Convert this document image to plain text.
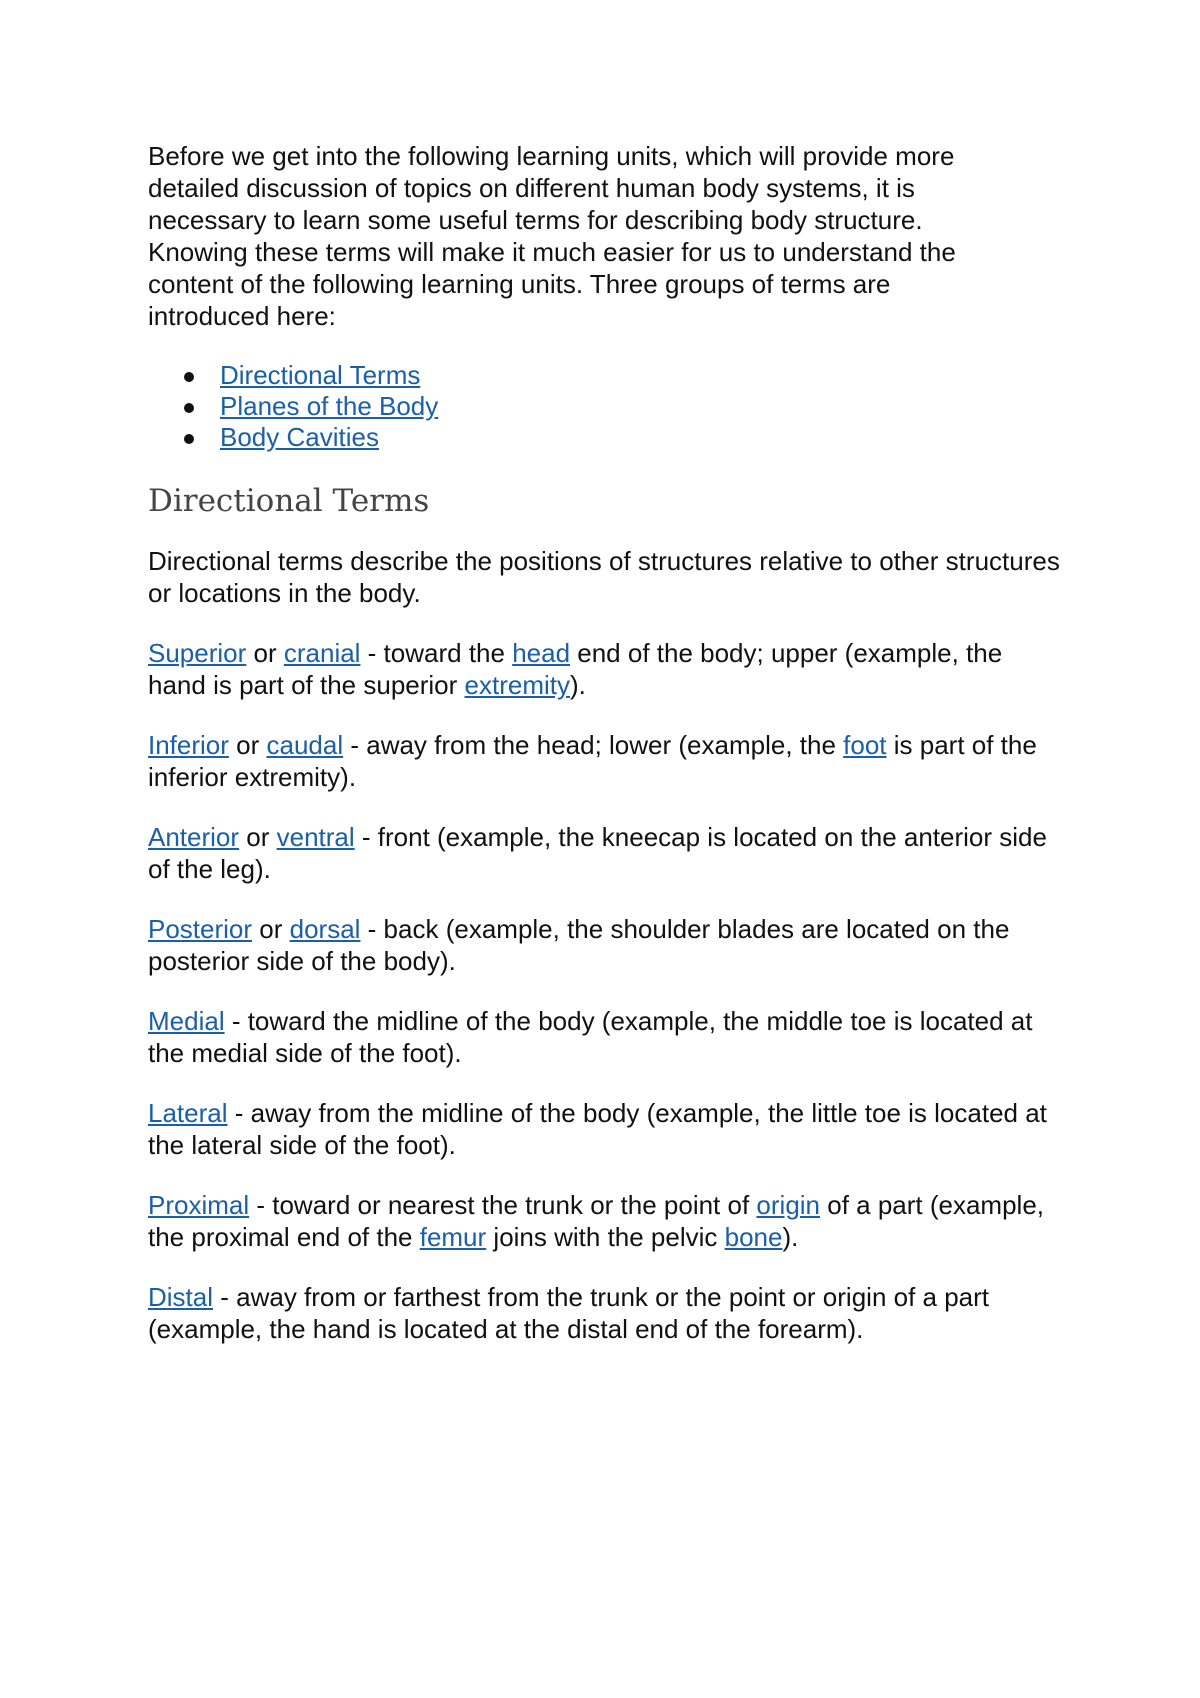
Before we get into the following learning units, which will provide more detailed discussion of topics on different human body systems, it is necessary to learn some useful terms for describing body structure. Knowing these terms will make it much easier for us to understand the content of the following learning units. Three groups of terms are introduced here:

Directional Terms
Planes of the Body
Body Cavities
Directional Terms

Directional terms describe the positions of structures relative to other structures or locations in the body.

Superior or cranial - toward the head end of the body; upper (example, the hand is part of the superior extremity).

Inferior or caudal - away from the head; lower (example, the foot is part of the inferior extremity).

Anterior or ventral - front (example, the kneecap is located on the anterior side of the leg).

Posterior or dorsal - back (example, the shoulder blades are located on the posterior side of the body).

Medial - toward the midline of the body (example, the middle toe is located at the medial side of the foot).

Lateral - away from the midline of the body (example, the little toe is located at the lateral side of the foot).

Proximal - toward or nearest the trunk or the point of origin of a part (example, the proximal end of the femur joins with the pelvic bone).

Distal - away from or farthest from the trunk or the point or origin of a part (example, the hand is located at the distal end of the forearm).
